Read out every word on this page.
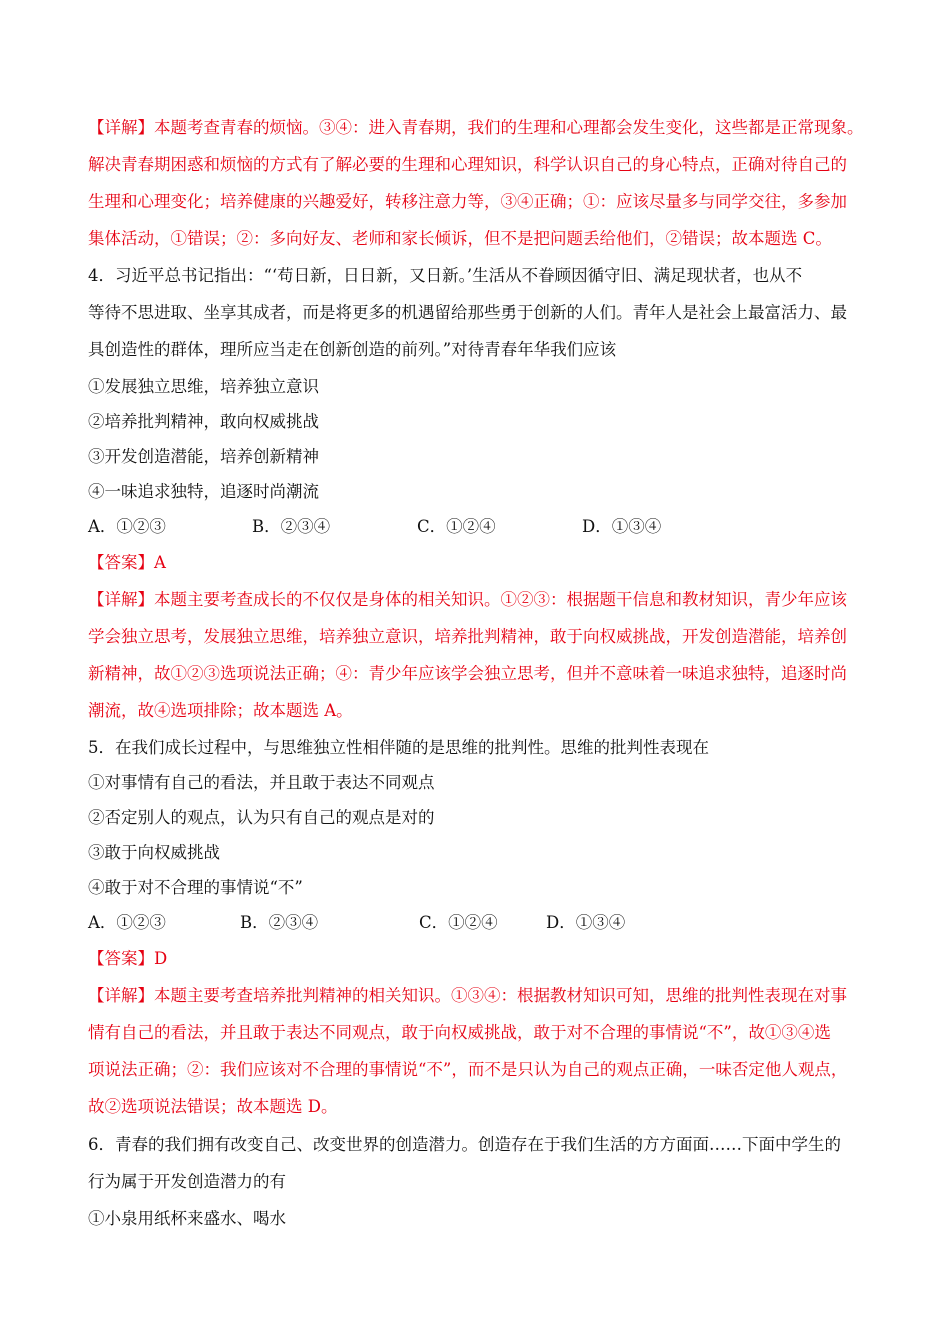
【详解】本题考查青春的烦恼。③④：进入青春期，我们的生理和心理都会发生变化，这些都是正常现象。
解决青春期困惑和烦恼的方式有了解必要的生理和心理知识，科学认识自己的身心特点，正确对待自己的
生理和心理变化；培养健康的兴趣爱好，转移注意力等，③④正确；①：应该尽量多与同学交往，多参加
集体活动，①错误；②：多向好友、老师和家长倾诉，但不是把问题丢给他们，②错误；故本题选 C。
4．习近平总书记指出：“‘苟日新，日日新，又日新。’生活从不眷顾因循守旧、满足现状者，也从不
等待不思进取、坐享其成者，而是将更多的机遇留给那些勇于创新的人们。青年人是社会上最富活力、最
具创造性的群体，理所应当走在创新创造的前列。”对待青春年华我们应该
①发展独立思维，培养独立意识
②培养批判精神，敢向权威挑战
③开发创造潜能，培养创新精神
④一味追求独特，追逐时尚潮流
A．①②③	B．②③④	C．①②④	D．①③④
【答案】A
【详解】本题主要考查成长的不仅仅是身体的相关知识。①②③：根据题干信息和教材知识，青少年应该
学会独立思考，发展独立思维，培养独立意识，培养批判精神，敢于向权威挑战，开发创造潜能，培养创
新精神，故①②③选项说法正确；④：青少年应该学会独立思考，但并不意味着一味追求独特，追逐时尚
潮流，故④选项排除；故本题选 A。
5．在我们成长过程中，与思维独立性相伴随的是思维的批判性。思维的批判性表现在
①对事情有自己的看法，并且敢于表达不同观点
②否定别人的观点，认为只有自己的观点是对的
③敢于向权威挑战
④敢于对不合理的事情说“不”
A．①②③	B．②③④	C．①②④	D．①③④
【答案】D
【详解】本题主要考查培养批判精神的相关知识。①③④：根据教材知识可知，思维的批判性表现在对事
情有自己的看法，并且敢于表达不同观点，敢于向权威挑战，敢于对不合理的事情说“不”，故①③④选
项说法正确；②：我们应该对不合理的事情说“不”，而不是只认为自己的观点正确，一味否定他人观点，
故②选项说法错误；故本题选 D。
6．青春的我们拥有改变自己、改变世界的创造潜力。创造存在于我们生活的方方面面……下面中学生的
行为属于开发创造潜力的有
①小泉用纸杯来盛水、喝水
